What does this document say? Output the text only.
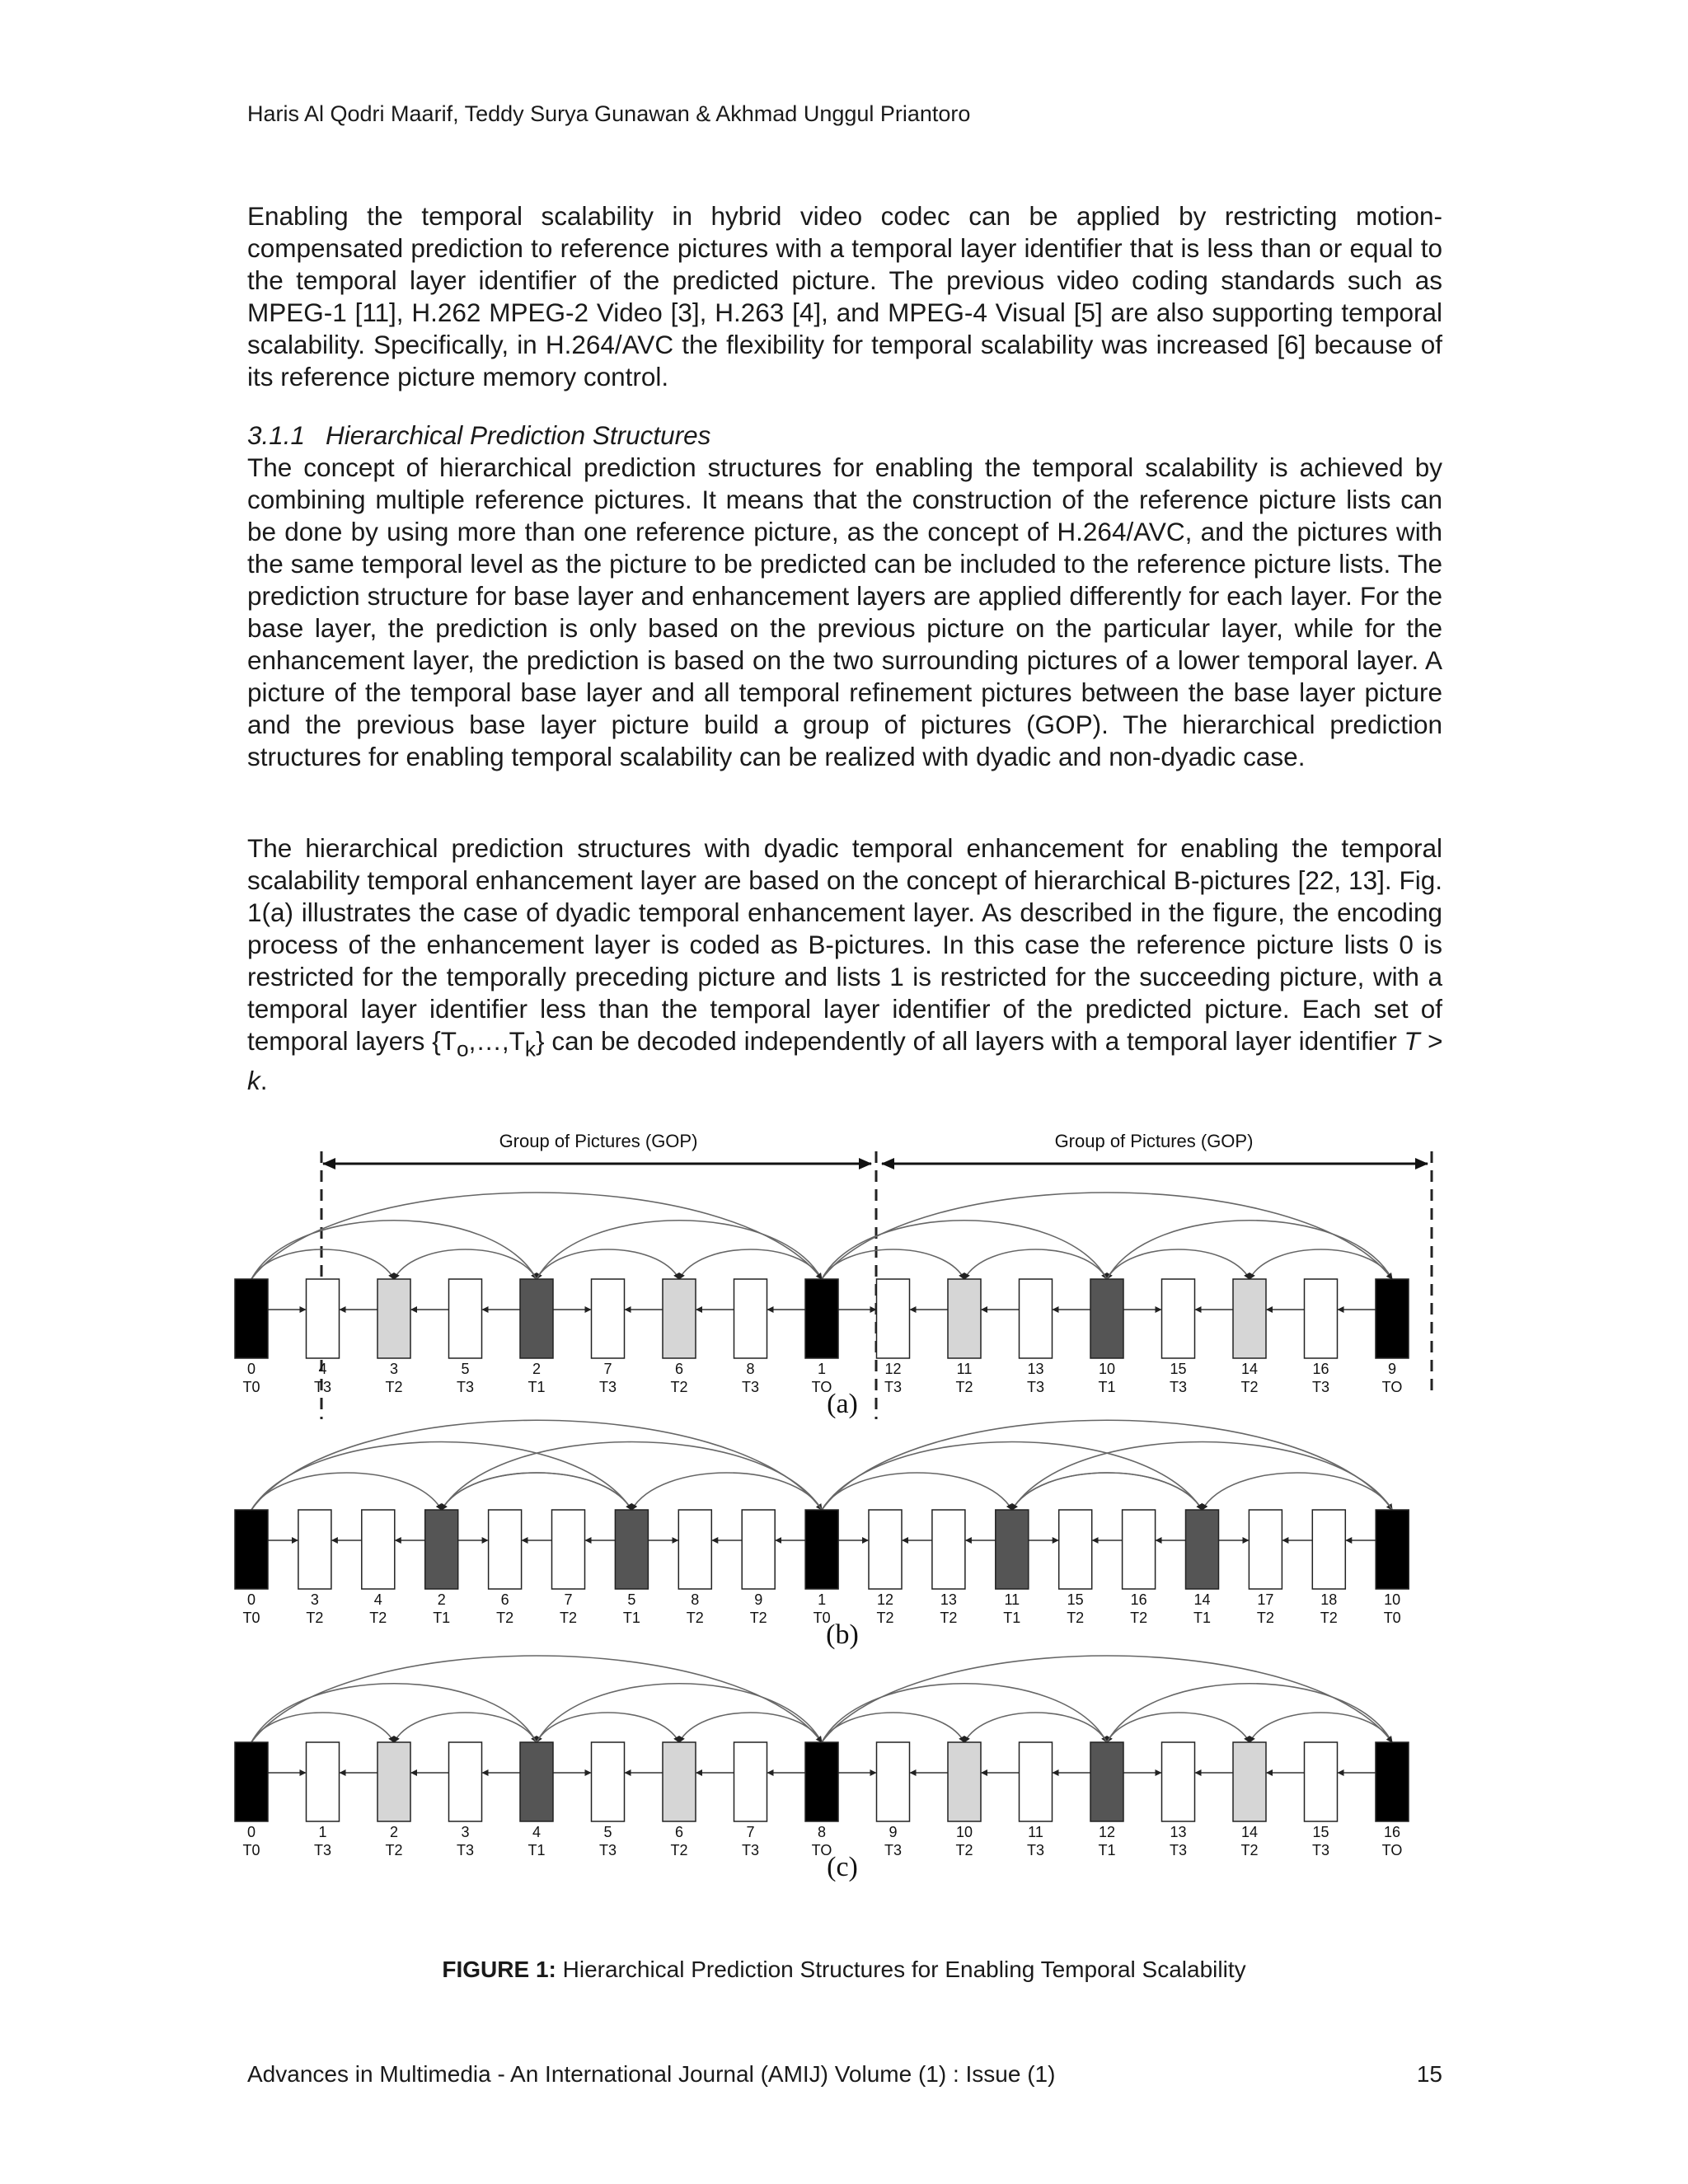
Haris Al Qodri Maarif, Teddy Surya Gunawan & Akhmad Unggul Priantoro

Enabling the temporal scalability in hybrid video codec can be applied by restricting motion-compensated prediction to reference pictures with a temporal layer identifier that is less than or equal to the temporal layer identifier of the predicted picture. The previous video coding standards such as MPEG-1 [11], H.262 MPEG-2 Video [3], H.263 [4], and MPEG-4 Visual [5] are also supporting temporal scalability. Specifically, in H.264/AVC the flexibility for temporal scalability was increased [6] because of its reference picture memory control.

3.1.1 Hierarchical Prediction Structures

The concept of hierarchical prediction structures for enabling the temporal scalability is achieved by combining multiple reference pictures. It means that the construction of the reference picture lists can be done by using more than one reference picture, as the concept of H.264/AVC, and the pictures with the same temporal level as the picture to be predicted can be included to the reference picture lists. The prediction structure for base layer and enhancement layers are applied differently for each layer. For the base layer, the prediction is only based on the previous picture on the particular layer, while for the enhancement layer, the prediction is based on the two surrounding pictures of a lower temporal layer. A picture of the temporal base layer and all temporal refinement pictures between the base layer picture and the previous base layer picture build a group of pictures (GOP). The hierarchical prediction structures for enabling temporal scalability can be realized with dyadic and non-dyadic case.

The hierarchical prediction structures with dyadic temporal enhancement for enabling the temporal scalability temporal enhancement layer are based on the concept of hierarchical B-pictures [22, 13]. Fig. 1(a) illustrates the case of dyadic temporal enhancement layer. As described in the figure, the encoding process of the enhancement layer is coded as B-pictures. In this case the reference picture lists 0 is restricted for the temporally preceding picture and lists 1 is restricted for the succeeding picture, with a temporal layer identifier less than the temporal layer identifier of the predicted picture. Each set of temporal layers $\{T_o,\dots,T_k\}$ can be decoded independently of all layers with a temporal layer identifier T > k.

Group of Pictures (GOP)	Group of Pictures (GOP)
0
T0
4
T3
3
T2
5
T3
2
T1
7
T3
6
T2
8
T3
1
TO
12
T3
11
T2
13
T3
10
T1
15
T3
14
T2
16
T3
9
TO
(a)
0
T0
3
T2
4
T2
2
T1
6
T2
7
T2
5
T1
8
T2
9
T2
1
T0
12
T2
13
T2
11
T1
15
T2
16
T2
14
T1
17
T2
18
T2
10
T0
(b)
0
T0
1
T3
2
T2
3
T3
4
T1
5
T3
6
T2
7
T3
8
TO
9
T3
10
T2
11
T3
12
T1
13
T3
14
T2
15
T3
16
TO
(c)
FIGURE 1: Hierarchical Prediction Structures for Enabling Temporal Scalability
Advances in Multimedia - An International Journal (AMIJ) Volume (1) : Issue (1)	15
